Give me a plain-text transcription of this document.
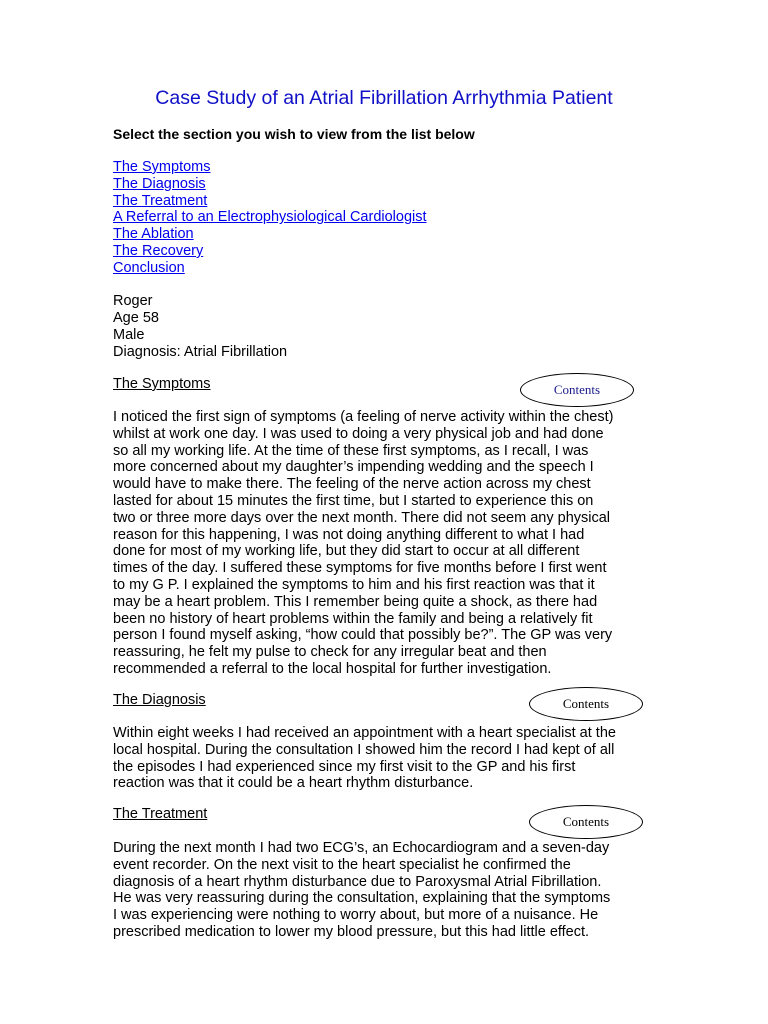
Case Study of an Atrial Fibrillation Arrhythmia Patient
Select the section you wish to view from the list below
The Symptoms
The Diagnosis
The Treatment
A Referral to an Electrophysiological Cardiologist
The Ablation
The Recovery
Conclusion
Roger
Age 58
Male
Diagnosis: Atrial Fibrillation
The Symptoms	Contents

I noticed the first sign of symptoms (a feeling of nerve activity within the chest)
whilst at work one day. I was used to doing a very physical job and had done
so all my working life. At the time of these first symptoms, as I recall, I was
more concerned about my daughter’s impending wedding and the speech I
would have to make there. The feeling of the nerve action across my chest
lasted for about 15 minutes the first time, but I started to experience this on
two or three more days over the next month. There did not seem any physical
reason for this happening, I was not doing anything different to what I had
done for most of my working life, but they did start to occur at all different
times of the day. I suffered these symptoms for five months before I first went
to my G P. I explained the symptoms to him and his first reaction was that it
may be a heart problem. This I remember being quite a shock, as there had
been no history of heart problems within the family and being a relatively fit
person I found myself asking, “how could that possibly be?”. The GP was very
reassuring, he felt my pulse to check for any irregular beat and then
recommended a referral to the local hospital for further investigation.

The Diagnosis	Contents

Within eight weeks I had received an appointment with a heart specialist at the
local hospital. During the consultation I showed him the record I had kept of all
the episodes I had experienced since my first visit to the GP and his first
reaction was that it could be a heart rhythm disturbance.

The Treatment	Contents

During the next month I had two ECG’s, an Echocardiogram and a seven-day
event recorder. On the next visit to the heart specialist he confirmed the
diagnosis of a heart rhythm disturbance due to Paroxysmal Atrial Fibrillation.
He was very reassuring during the consultation, explaining that the symptoms
I was experiencing were nothing to worry about, but more of a nuisance. He
prescribed medication to lower my blood pressure, but this had little effect.
